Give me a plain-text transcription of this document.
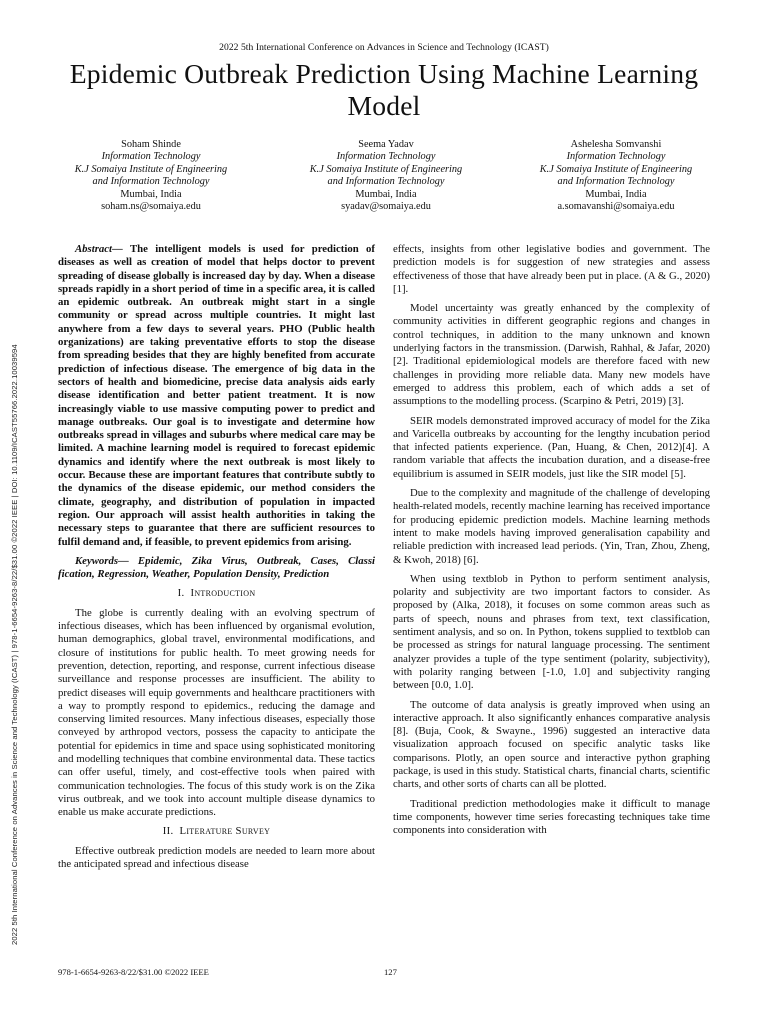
2022 5th International Conference on Advances in Science and Technology (ICAST)
Epidemic Outbreak Prediction Using Machine Learning Model
Soham Shinde
Information Technology
K.J Somaiya Institute of Engineering
and Information Technology
Mumbai, India
soham.ns@somaiya.edu
Seema Yadav
Information Technology
K.J Somaiya Institute of Engineering
and Information Technology
Mumbai, India
syadav@somaiya.edu
Ashelesha Somvanshi
Information Technology
K.J Somaiya Institute of Engineering
and Information Technology
Mumbai, India
a.somavanshi@somaiya.edu
2022 5th International Conference on Advances in Science and Technology (ICAST) | 978-1-6654-9263-8/22/$31.00 ©2022 IEEE | DOI: 10.1109/ICAST55766.2022.10039594

Abstract— The intelligent models is used for prediction of diseases as well as creation of model that helps doctor to prevent spreading of disease globally is increased day by day. When a disease spreads rapidly in a short period of time in a specific area, it is called an epidemic outbreak. An outbreak might start in a single community or spread across multiple countries. It might last anywhere from a few days to several years. PHO (Public health organizations) are taking preventative efforts to stop the disease from spreading besides that they are highly benefited from accurate prediction of infectious disease. The emergence of big data in the sectors of health and biomedicine, precise data analysis aids early disease identification and better patient treatment. It is now increasingly viable to use massive computing power to predict and manage outbreaks. Our goal is to investigate and determine how outbreaks spread in villages and suburbs where medical care may be limited. A machine learning model is required to forecast epidemic dynamics and identify where the next outbreak is most likely to occur. Because these are important features that contribute subtly to the dynamics of the disease epidemic, our method considers the climate, geography, and distribution of population in impacted region. Our approach will assist health authorities in taking the necessary steps to guarantee that there are sufficient resources to fulfil demand and, if feasible, to prevent epidemics from arising.

Keywords— Epidemic, Zika Virus, Outbreak, Cases, Classi fication, Regression, Weather, Population Density, Prediction

I. Introduction

The globe is currently dealing with an evolving spectrum of infectious diseases, which has been influenced by organismal evolution, human demographics, global travel, environmental modifications, and closure of institutions for public health. To meet growing needs for prevention, detection, reporting, and response, current infectious disease surveillance and response processes are insufficient. The ability to predict diseases will equip governments and healthcare practitioners with a way to promptly respond to epidemics., reducing the damage and conserving limited resources. Many infectious diseases, especially those conveyed by arthropod vectors, possess the capacity to anticipate the potential for epidemics in time and space using sophisticated monitoring and modelling techniques that combine environmental data. These tactics can offer useful, timely, and cost-effective tools when paired with communication technologies. The focus of this study work is on the Zika virus outbreak, and we took into account multiple disease dynamics to enable us make accurate predictions.

II. Literature Survey

Effective outbreak prediction models are needed to learn more about the anticipated spread and infectious disease

effects, insights from other legislative bodies and government. The prediction models is for suggestion of new strategies and assess effectiveness of those that have already been put in place. (A & G., 2020) [1].

Model uncertainty was greatly enhanced by the complexity of community activities in different geographic regions and changes in control techniques, in addition to the many unknown and known underlying factors in the transmission. (Darwish, Rahhal, & Jafar, 2020)[2]. Traditional epidemiological models are therefore faced with new challenges in providing more reliable data. Many new models have emerged to address this problem, each of which adds a set of assumptions to the modelling process. (Scarpino & Petri, 2019) [3].

SEIR models demonstrated improved accuracy of model for the Zika and Varicella outbreaks by accounting for the lengthy incubation period that infected patients experience. (Pan, Huang, & Chen, 2012)[4]. A random variable that affects the incubation duration, and a disease-free equilibrium is assumed in SEIR models, just like the SIR model [5].

Due to the complexity and magnitude of the challenge of developing health-related models, recently machine learning has received importance for producing epidemic prediction models. Machine learning methods intent to make models having improved generalisation capability and reliable prediction with increased lead periods. (Yin, Tran, Zhou, Zheng, & Kwoh, 2018) [6].

When using textblob in Python to perform sentiment analysis, polarity and subjectivity are two important factors to consider. As proposed by (Alka, 2018), it focuses on some common areas such as parts of speech, nouns and phrases from text, text classification, sentiment analysis, and so on. In Python, tokens supplied to textblob can be processed as strings for natural language processing. The sentiment analyzer provides a tuple of the type sentiment (polarity, subjectivity), with polarity ranging between [-1.0, 1.0] and subjectivity ranging between [0.0, 1.0].

The outcome of data analysis is greatly improved when using an interactive approach. It also significantly enhances comparative analysis [8]. (Buja, Cook, & Swayne., 1996) suggested an interactive data visualization approach focused on specific analytic tasks like comparisons. Plotly, an open source and interactive python graphing package, is used in this study. Statistical charts, financial charts, scientific charts, and other sorts of charts can all be plotted.

Traditional prediction methodologies make it difficult to manage time components, however time series forecasting techniques take time components into consideration with

978-1-6654-9263-8/22/$31.00 ©2022 IEEE	127
